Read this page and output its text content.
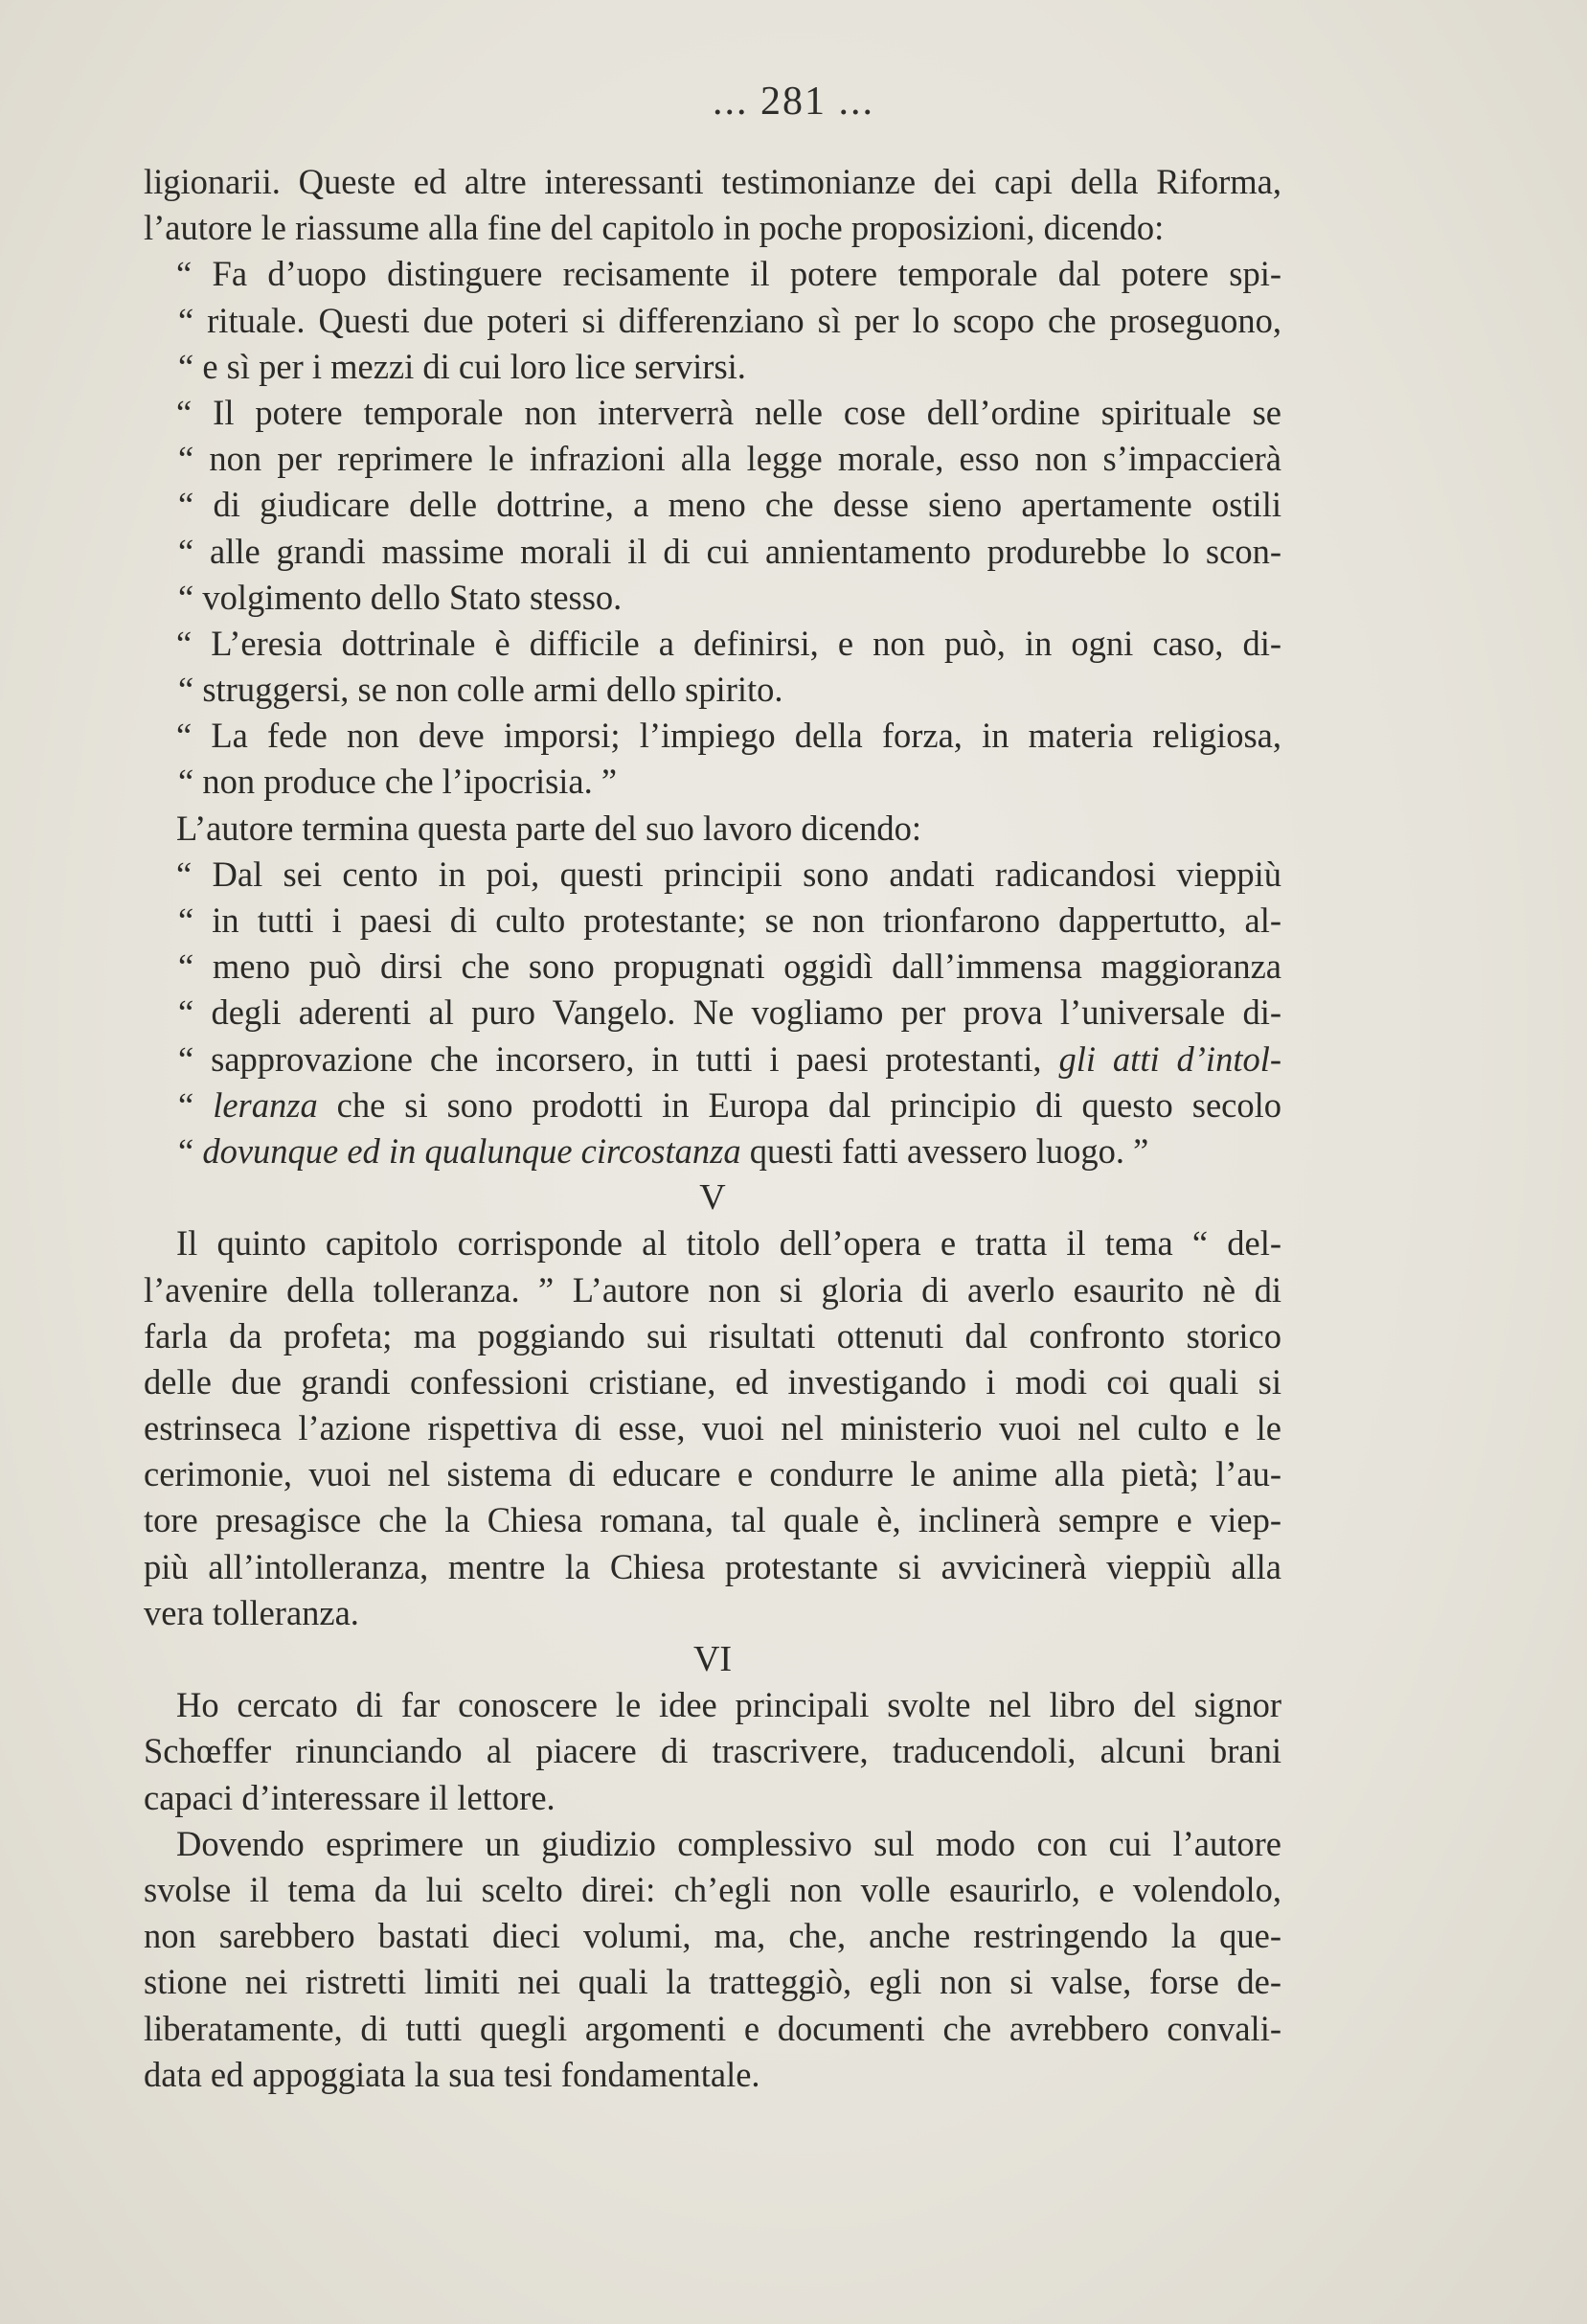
... 281 ...
ligionarii. Queste ed altre interessanti testimonianze dei capi della Riforma,
l’autore le riassume alla fine del capitolo in poche proposizioni, dicendo:
“ Fa d’uopo distinguere recisamente il potere temporale dal potere spi-
“ rituale. Questi due poteri si differenziano sì per lo scopo che proseguono,
“ e sì per i mezzi di cui loro lice servirsi.
“ Il potere temporale non interverrà nelle cose dell’ordine spirituale se
“ non per reprimere le infrazioni alla legge morale, esso non s’impaccierà
“ di giudicare delle dottrine, a meno che desse sieno apertamente ostili
“ alle grandi massime morali il di cui annientamento produrebbe lo scon-
“ volgimento dello Stato stesso.
“ L’eresia dottrinale è difficile a definirsi, e non può, in ogni caso, di-
“ struggersi, se non colle armi dello spirito.
“ La fede non deve imporsi; l’impiego della forza, in materia religiosa,
“ non produce che l’ipocrisia. ”
L’autore termina questa parte del suo lavoro dicendo:
“ Dal sei cento in poi, questi principii sono andati radicandosi vieppiù
“ in tutti i paesi di culto protestante; se non trionfarono dappertutto, al-
“ meno può dirsi che sono propugnati oggidì dall’immensa maggioranza
“ degli aderenti al puro Vangelo. Ne vogliamo per prova l’universale di-
“ sapprovazione che incorsero, in tutti i paesi protestanti, gli atti d’intol-
“ leranza che si sono prodotti in Europa dal principio di questo secolo
“ dovunque ed in qualunque circostanza questi fatti avessero luogo. ”
V
Il quinto capitolo corrisponde al titolo dell’opera e tratta il tema “ del-
l’avenire della tolleranza. ” L’autore non si gloria di averlo esaurito nè di
farla da profeta; ma poggiando sui risultati ottenuti dal confronto storico
delle due grandi confessioni cristiane, ed investigando i modi coi quali si
estrinseca l’azione rispettiva di esse, vuoi nel ministerio vuoi nel culto e le
cerimonie, vuoi nel sistema di educare e condurre le anime alla pietà; l’au-
tore presagisce che la Chiesa romana, tal quale è, inclinerà sempre e viep-
più all’intolleranza, mentre la Chiesa protestante si avvicinerà vieppiù alla
vera tolleranza.
VI
Ho cercato di far conoscere le idee principali svolte nel libro del signor
Schœffer rinunciando al piacere di trascrivere, traducendoli, alcuni brani
capaci d’interessare il lettore.
Dovendo esprimere un giudizio complessivo sul modo con cui l’autore
svolse il tema da lui scelto direi: ch’egli non volle esaurirlo, e volendolo,
non sarebbero bastati dieci volumi, ma, che, anche restringendo la que-
stione nei ristretti limiti nei quali la tratteggiò, egli non si valse, forse de-
liberatamente, di tutti quegli argomenti e documenti che avrebbero convali-
data ed appoggiata la sua tesi fondamentale.
